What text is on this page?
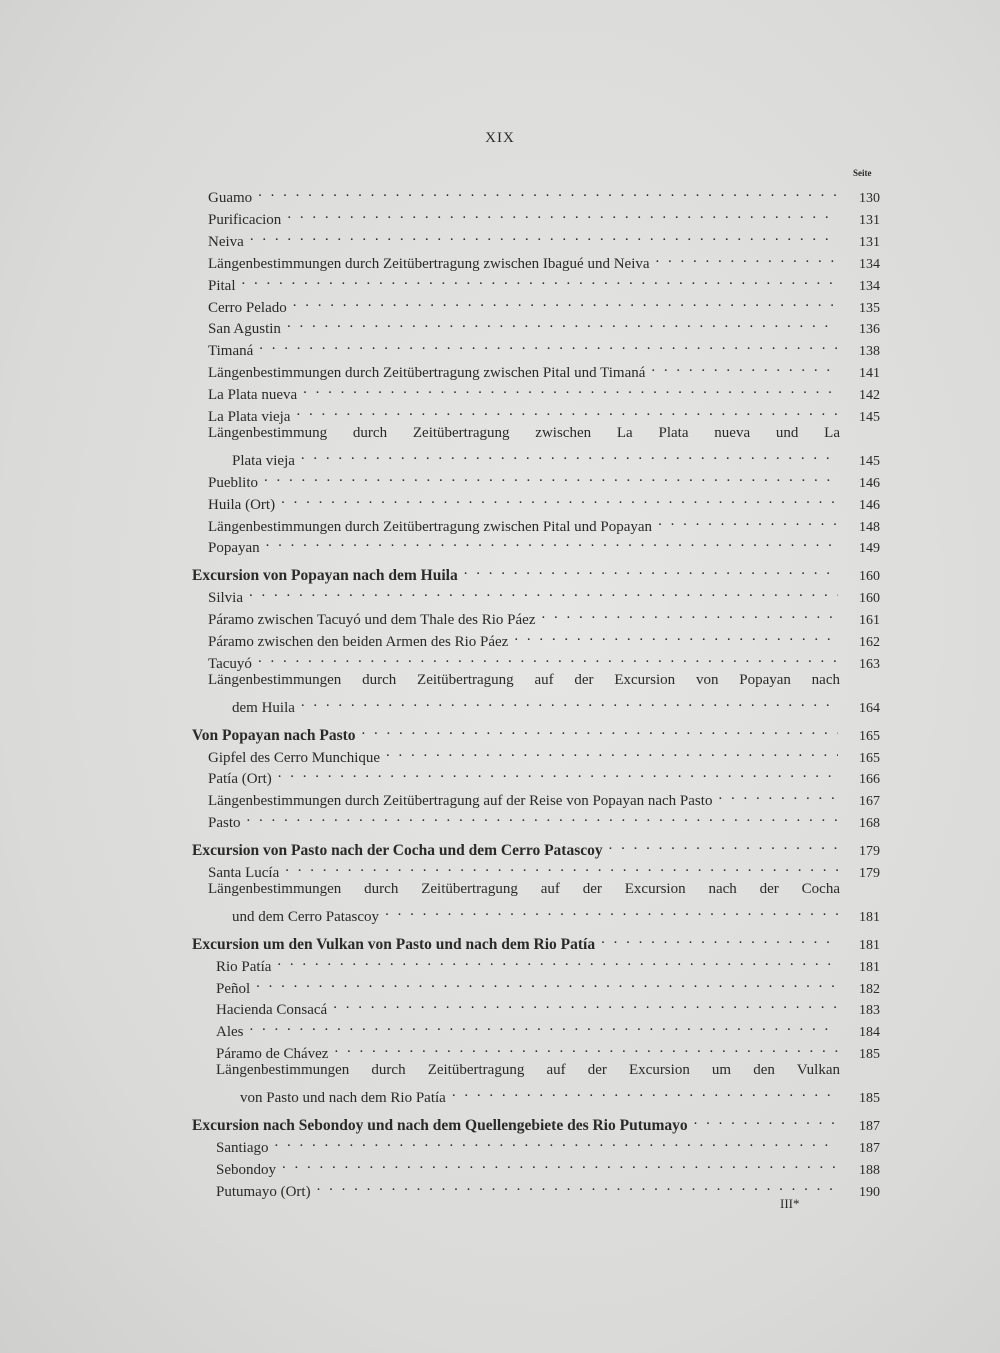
XIX
Seite
Guamo . . .	130
Purificacion . . .	131
Neiva . . .	131
Längenbestimmungen durch Zeitübertragung zwischen Ibagué und Neiva . . .	134
Pital . . .	134
Cerro Pelado . . .	135
San Agustin . . .	136
Timaná . . .	138
Längenbestimmungen durch Zeitübertragung zwischen Pital und Timaná . . .	141
La Plata nueva . . .	142
La Plata vieja . . .	145
Längenbestimmung durch Zeitübertragung zwischen La Plata nueva und La
Plata vieja . . .	145
Pueblito . . .	146
Huila (Ort) . . .	146
Längenbestimmungen durch Zeitübertragung zwischen Pital und Popayan . . .	148
Popayan . . .	149
Excursion von Popayan nach dem Huila . . .	160
Silvia . . .	160
Páramo zwischen Tacuyó und dem Thale des Rio Páez . . .	161
Páramo zwischen den beiden Armen des Rio Páez . . .	162
Tacuyó . . .	163
Längenbestimmungen durch Zeitübertragung auf der Excursion von Popayan nach
dem Huila . . .	164
Von Popayan nach Pasto . . .	165
Gipfel des Cerro Munchique . . .	165
Patía (Ort) . . .	166
Längenbestimmungen durch Zeitübertragung auf der Reise von Popayan nach Pasto . . .	167
Pasto . . .	168
Excursion von Pasto nach der Cocha und dem Cerro Patascoy . . .	179
Santa Lucía . . .	179
Längenbestimmungen durch Zeitübertragung auf der Excursion nach der Cocha
und dem Cerro Patascoy . . .	181
Excursion um den Vulkan von Pasto und nach dem Rio Patía . . .	181
Rio Patía . . .	181
Peñol . . .	182
Hacienda Consacá . . .	183
Ales . . .	184
Páramo de Chávez . . .	185
Längenbestimmungen durch Zeitübertragung auf der Excursion um den Vulkan
von Pasto und nach dem Rio Patía . . .	185
Excursion nach Sebondoy und nach dem Quellengebiete des Rio Putumayo . . .	187
Santiago . . .	187
Sebondoy . . .	188
Putumayo (Ort) . . .	190
III*
